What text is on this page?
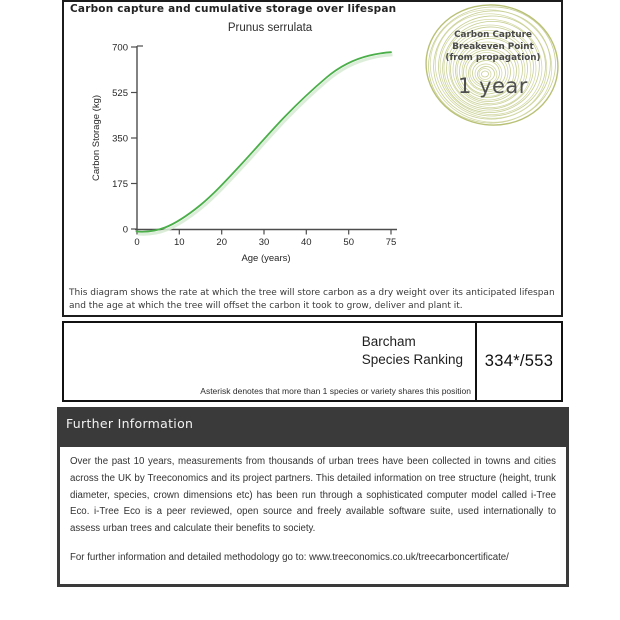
Carbon capture and cumulative storage over lifespan
Prunus serrulata
Carbon Storage (kg)
Age (years)
700
525
350
175
0
0	10	20	30	40	50	75
Carbon Capture
Breakeven Point
(from propagation)
1 year
This diagram shows the rate at which the tree will store carbon as a dry weight over its anticipated lifespan and the age at which the tree will offset the carbon it took to grow, deliver and plant it.
Barcham
Species Ranking
Asterisk denotes that more than 1 species or variety shares this position
334*/553
Further Information

Over the past 10 years, measurements from thousands of urban trees have been collected in towns and cities across the UK by Treeconomics and its project partners. This detailed information on tree structure (height, trunk diameter, species, crown dimensions etc) has been run through a sophisticated computer model called i-Tree Eco. i-Tree Eco is a peer reviewed, open source and freely available software suite, used internationally to assess urban trees and calculate their benefits to society.

For further information and detailed methodology go to: www.treeconomics.co.uk/treecarboncertificate/
